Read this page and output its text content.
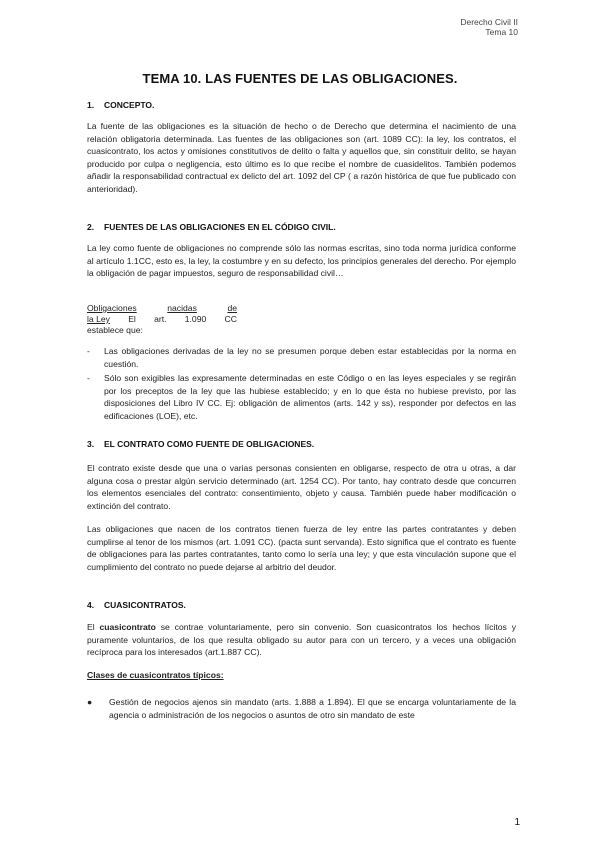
Derecho Civil II
Tema 10
TEMA 10. LAS FUENTES DE LAS OBLIGACIONES.
1. CONCEPTO.
La fuente de las obligaciones es la situación de hecho o de Derecho que determina el nacimiento de una relación obligatoria determinada. Las fuentes de las obligaciones son (art. 1089 CC): la ley, los contratos, el cuasicontrato, los actos y omisiones constitutivos de delito o falta y aquellos que, sin constituir delito, se hayan producido por culpa o negligencia, esto último es lo que recibe el nombre de cuasidelitos. También podemos añadir la responsabilidad contractual ex delicto del art. 1092 del CP ( a razón histórica de que fue publicado con anterioridad).
2. FUENTES DE LAS OBLIGACIONES EN EL CÓDIGO CIVIL.
La ley como fuente de obligaciones no comprende sólo las normas escritas, sino toda norma jurídica conforme al artículo 1.1CC, esto es, la ley, la costumbre y en su defecto, los principios generales del derecho. Por ejemplo la obligación de pagar impuestos, seguro de responsabilidad civil…
Obligaciones	nacidas	de
la Ley El art. 1.090 CC
establece que:
-	Las obligaciones derivadas de la ley no se presumen porque deben estar establecidas por la norma en cuestión.
-	Sólo son exigibles las expresamente determinadas en este Código o en las leyes especiales y se regirán por los preceptos de la ley que las hubiese establecido; y en lo que ésta no hubiese previsto, por las disposiciones del Libro IV CC. Ej: obligación de alimentos (arts. 142 y ss), responder por defectos en las edificaciones (LOE), etc.
3. EL CONTRATO COMO FUENTE DE OBLIGACIONES.
El contrato existe desde que una o varias personas consienten en obligarse, respecto de otra u otras, a dar alguna cosa o prestar algún servicio determinado (art. 1254 CC). Por tanto, hay contrato desde que concurren los elementos esenciales del contrato: consentimiento, objeto y causa. También puede haber modificación o extinción del contrato.
Las obligaciones que nacen de los contratos tienen fuerza de ley entre las partes contratantes y deben cumplirse al tenor de los mismos (art. 1.091 CC). (pacta sunt servanda). Esto significa que el contrato es fuente de obligaciones para las partes contratantes, tanto como lo sería una ley; y que esta vinculación supone que el cumplimiento del contrato no puede dejarse al arbitrio del deudor.
4. CUASICONTRATOS.
El cuasicontrato se contrae voluntariamente, pero sin convenio. Son cuasicontratos los hechos lícitos y puramente voluntarios, de los que resulta obligado su autor para con un tercero, y a veces una obligación recíproca para los interesados (art.1.887 CC).
Clases de cuasicontratos típicos:
●	Gestión de negocios ajenos sin mandato (arts. 1.888 a 1.894). El que se encarga voluntariamente de la agencia o administración de los negocios o asuntos de otro sin mandato de este
1
